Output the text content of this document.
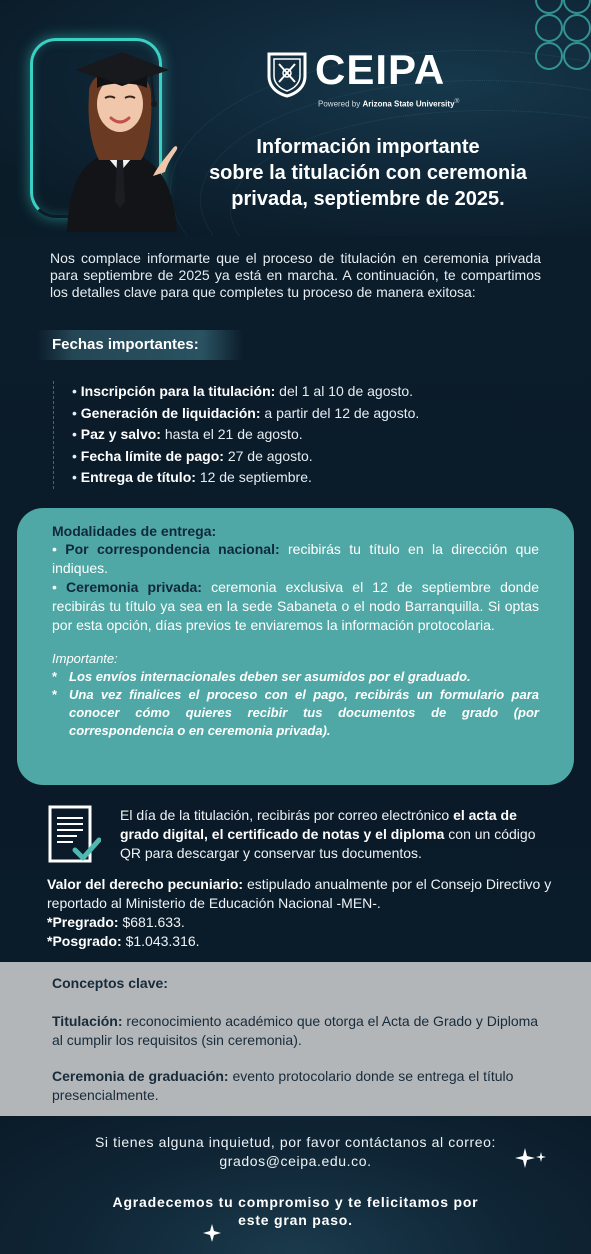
CEIPA
Powered by Arizona State University®
Información importante
sobre la titulación con ceremonia
privada, septiembre de 2025.
Nos complace informarte que el proceso de titulación en ceremonia privada para septiembre de 2025 ya está en marcha. A continuación, te compartimos los detalles clave para que completes tu proceso de manera exitosa:
Fechas importantes:
• Inscripción para la titulación: del 1 al 10 de agosto.
• Generación de liquidación: a partir del 12 de agosto.
• Paz y salvo: hasta el 21 de agosto.
• Fecha límite de pago: 27 de agosto.
• Entrega de título: 12 de septiembre.
Modalidades de entrega:

• Por correspondencia nacional: recibirás tu título en la dirección que indiques.

• Ceremonia privada: ceremonia exclusiva el 12 de septiembre donde recibirás tu título ya sea en la sede Sabaneta o el nodo Barranquilla. Si optas por esta opción, días previos te enviaremos la información protocolaria.

Importante:
* Los envíos internacionales deben ser asumidos por el graduado.
* Una vez finalices el proceso con el pago, recibirás un formulario para conocer cómo quieres recibir tus documentos de grado (por correspondencia o en ceremonia privada).
El día de la titulación, recibirás por correo electrónico el acta de grado digital, el certificado de notas y el diploma con un código QR para descargar y conservar tus documentos.
Valor del derecho pecuniario: estipulado anualmente por el Consejo Directivo y reportado al Ministerio de Educación Nacional -MEN-.
*Pregrado: $681.633.
*Posgrado: $1.043.316.
Conceptos clave:

Titulación: reconocimiento académico que otorga el Acta de Grado y Diploma al cumplir los requisitos (sin ceremonia).

Ceremonia de graduación: evento protocolario donde se entrega el título presencialmente.

Si tienes alguna inquietud, por favor contáctanos al correo:
grados@ceipa.edu.co.
Agradecemos tu compromiso y te felicitamos por
este gran paso.
